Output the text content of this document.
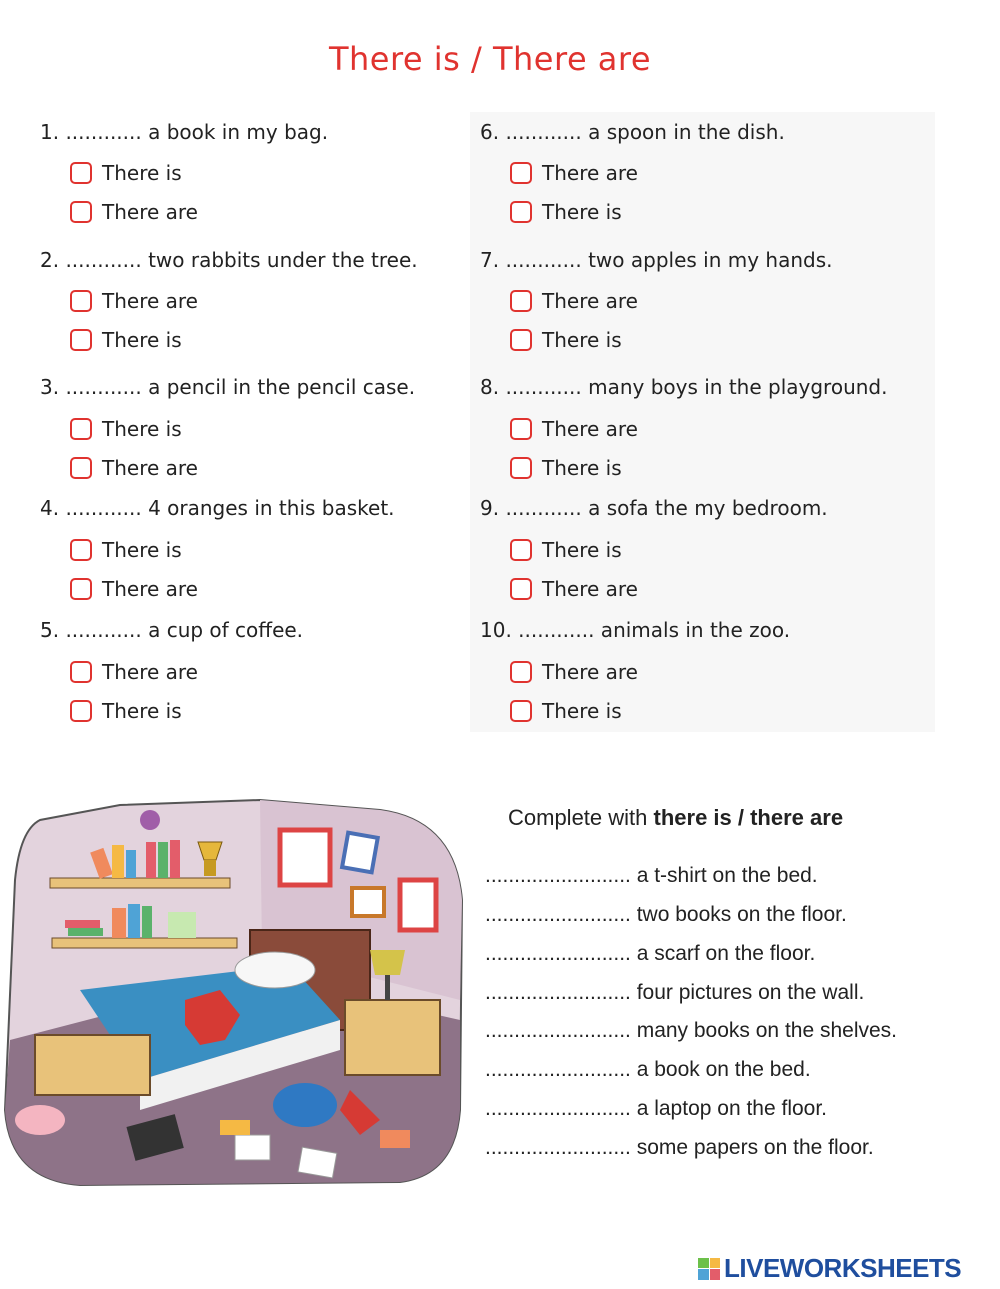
There is / There are
1. ............ a book in my bag.
There is
There are
2. ............ two rabbits under the tree.
There are
There is
3. ............ a pencil in the pencil case.
There is
There are
4. ............ 4 oranges in this basket.
There is
There are
5. ............ a cup of coffee.
There are
There is
6. ............ a spoon in the dish.
There are
There is
7. ............ two apples in my hands.
There are
There is
8. ............ many boys in the playground.
There are
There is
9. ............ a sofa the my bedroom.
There is
There are
10. ............ animals in the zoo.
There are
There is
Complete with there is / there are
......................... a t-shirt on the bed.
......................... two books on the floor.
......................... a scarf on the floor.
......................... four pictures on the wall.
......................... many books on the shelves.
......................... a book on the bed.
......................... a laptop on the floor.
......................... some papers on the floor.
LIVEWORKSHEETS
